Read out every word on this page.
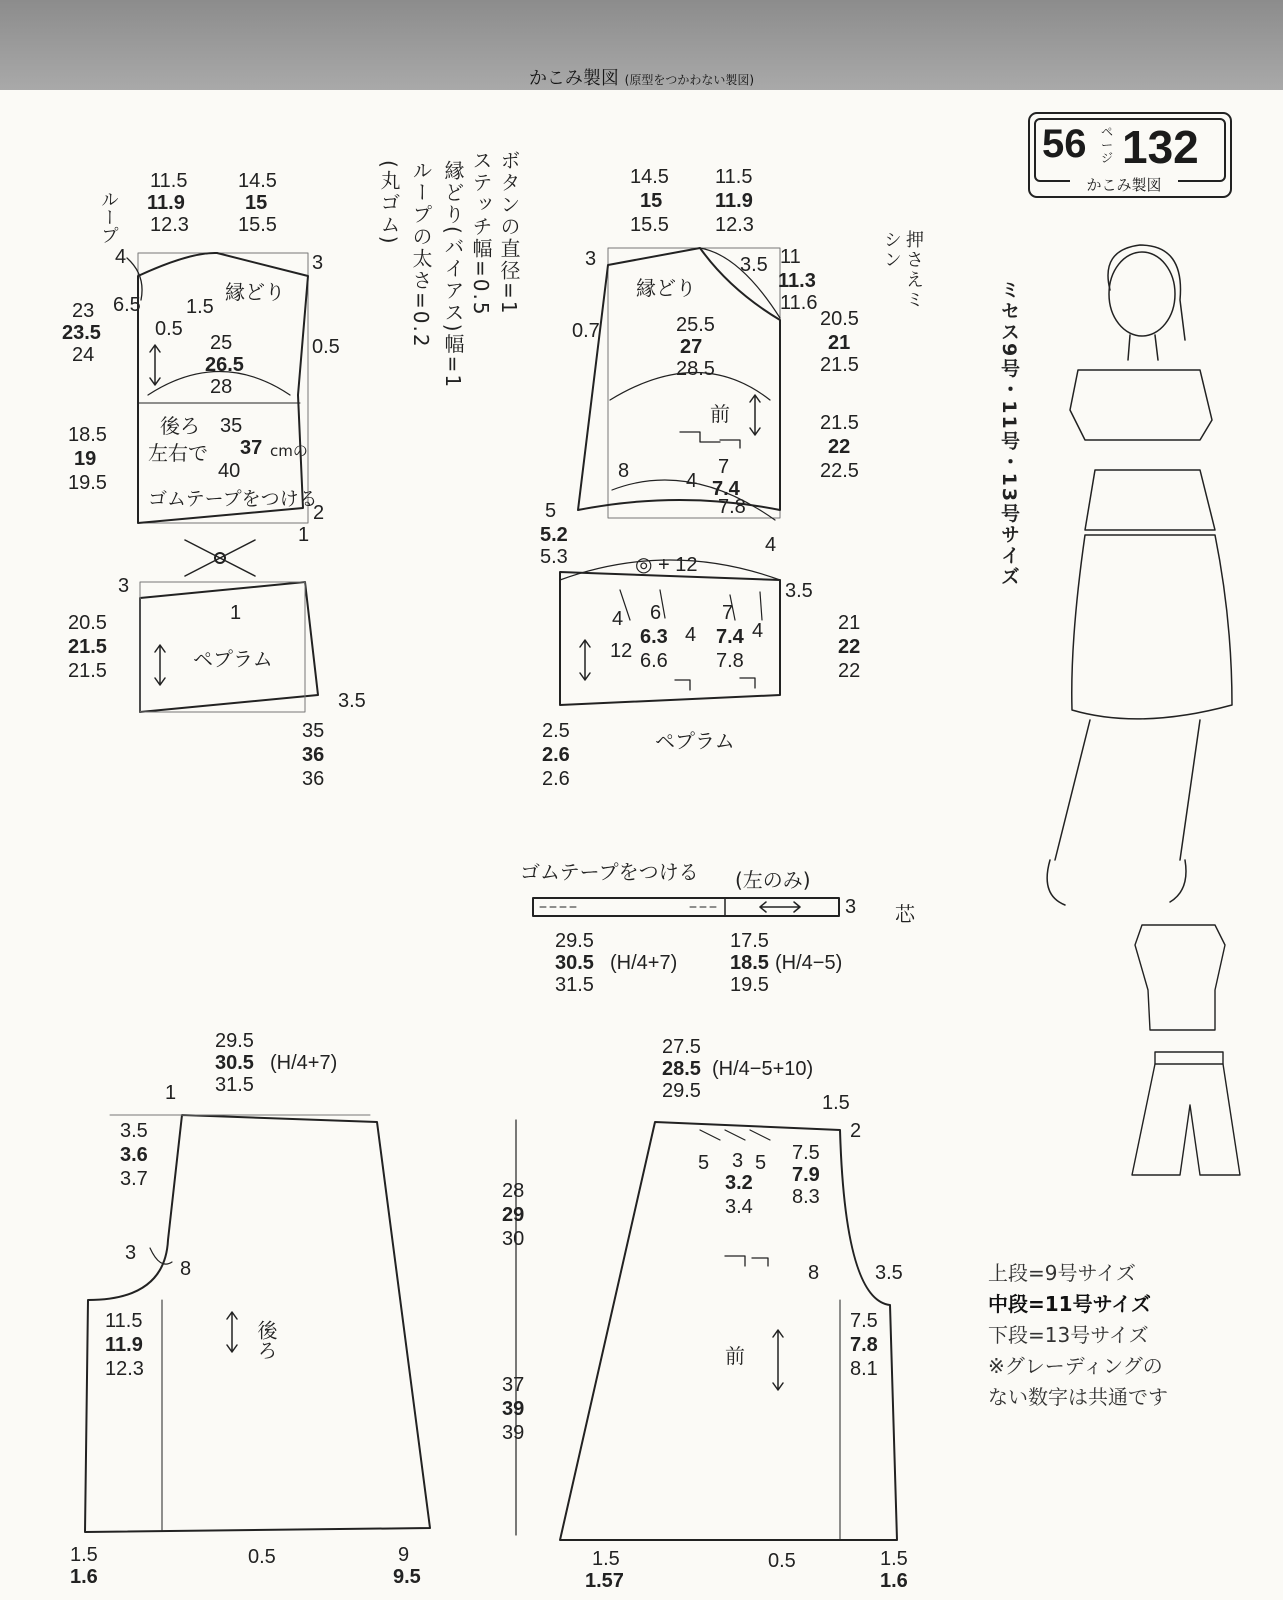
かこみ製図 (原型をつかわない製図)
56 ページ 132
かこみ製図
ミセス9号・11号・13号サイズ
押さえミシン
ボタンの直径=1
ステッチ幅=0.5
縁どり(バイアス)幅=1
ループの太さ=0.2
(丸ゴム)
上段=9号サイズ
中段=11号サイズ
下段=13号サイズ
※グレーディングの
ない数字は共通です
縁どり
後ろ
左右で
ゴムテープをつける
cmの
11.5
11.9
12.3
14.5
15
15.5
23
23.5
24
18.5
19
19.5
35
37
40
25
26.5
28
4	3
6.5 1.5
0.5
0.5
2
1
ペプラム
20.5
21.5
21.5
35
36
36
3
1
3.5
縁どり
前
14.5
15
15.5
11.5
11.9
12.3
11
11.3
11.6
20.5
21
21.5
21.5
22
22.5
25.5
27
28.5
7
7.4
7.8
5.2
5.3
3	3.5
0.7
8	4
5
4
ペプラム
◎ + 12
21
22
22
2.5
2.6
2.6
6
6.3
6.6
7
7.4
7.8
4
12
4	4
3.5
ゴムテープをつける (左のみ)
3 芯
29.5
30.5
31.5
(H/4+7)
17.5
18.5
19.5
(H/4−5)
後ろ
29.5
30.5
31.5
(H/4+7)
3.5
3.6
3.7
11.5
11.9
12.3
1.5
1.6
0.5	9
9.5
1
3
8
前
27.5
28.5
29.5
(H/4−5+10)
28
29
30
37
39
39
3.2
3.4
7.5
7.9
8.3
7.5
7.8
8.1
1.5
1.57
0.5	1.5
1.6
1.5
2
5 3 5
8	3.5
ループ
